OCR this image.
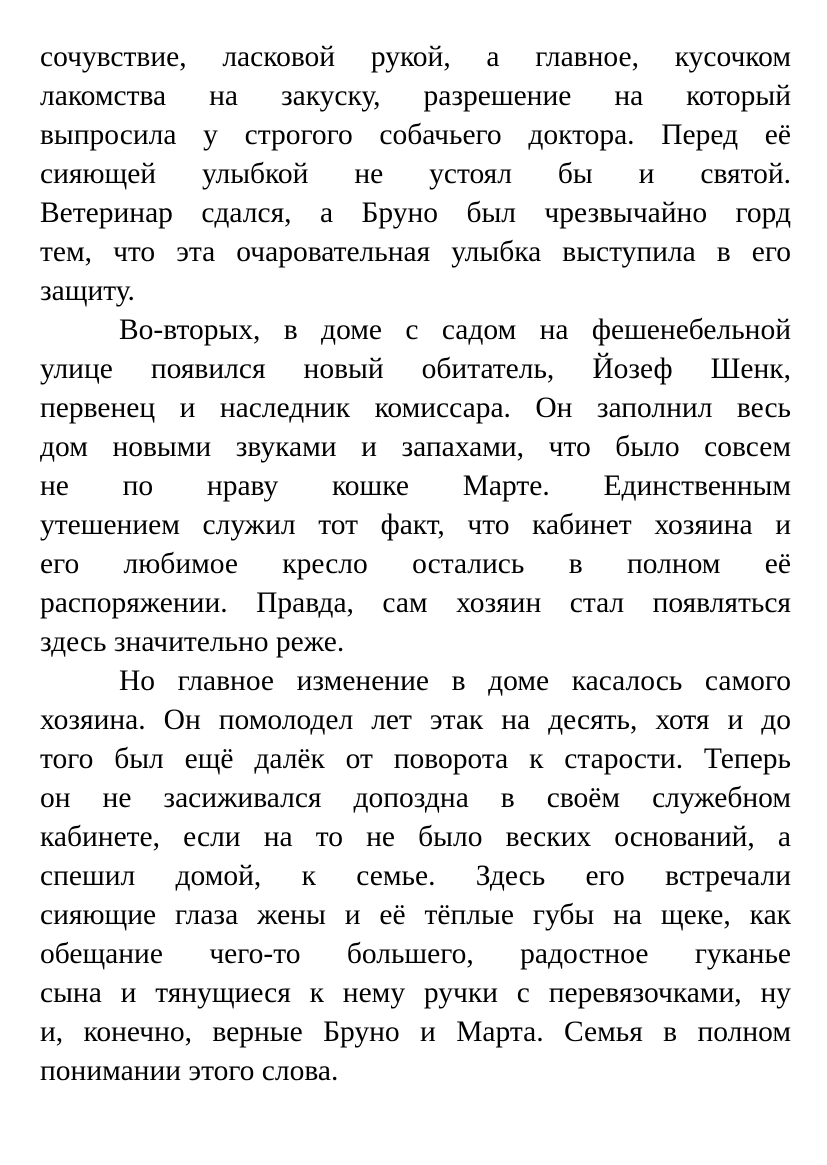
сочувствие, ласковой рукой, а главное, кусочком
лакомства на закуску, разрешение на который
выпросила у строгого собачьего доктора. Перед её
сияющей улыбкой не устоял бы и святой.
Ветеринар сдался, а Бруно был чрезвычайно горд
тем, что эта очаровательная улыбка выступила в его
защиту.
Во-вторых, в доме с садом на фешенебельной
улице появился новый обитатель, Йозеф Шенк,
первенец и наследник комиссара. Он заполнил весь
дом новыми звуками и запахами, что было совсем
не по нраву кошке Марте. Единственным
утешением служил тот факт, что кабинет хозяина и
его любимое кресло остались в полном её
распоряжении. Правда, сам хозяин стал появляться
здесь значительно реже.
Но главное изменение в доме касалось самого
хозяина. Он помолодел лет этак на десять, хотя и до
того был ещё далёк от поворота к старости. Теперь
он не засиживался допоздна в своём служебном
кабинете, если на то не было веских оснований, а
спешил домой, к семье. Здесь его встречали
сияющие глаза жены и её тёплые губы на щеке, как
обещание чего-то большего, радостное гуканье
сына и тянущиеся к нему ручки с перевязочками, ну
и, конечно, верные Бруно и Марта. Семья в полном
понимании этого слова.
